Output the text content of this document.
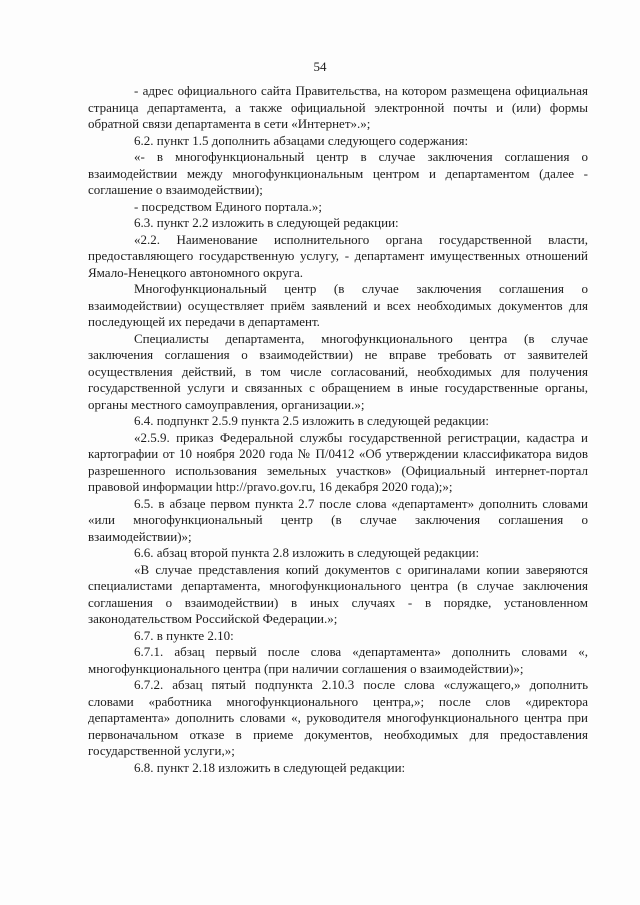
54

- адрес официального сайта Правительства, на котором размещена официальная страница департамента, а также официальной электронной почты и (или) формы обратной связи департамента в сети «Интернет».»;

6.2. пункт 1.5 дополнить абзацами следующего содержания:

«- в многофункциональный центр в случае заключения соглашения о взаимодействии между многофункциональным центром и департаментом (далее - соглашение о взаимодействии);

- посредством Единого портала.»;

6.3. пункт 2.2 изложить в следующей редакции:

«2.2. Наименование исполнительного органа государственной власти, предоставляющего государственную услугу, - департамент имущественных отношений Ямало-Ненецкого автономного округа.

Многофункциональный центр (в случае заключения соглашения о взаимодействии) осуществляет приём заявлений и всех необходимых документов для последующей их передачи в департамент.

Специалисты департамента, многофункционального центра (в случае заключения соглашения о взаимодействии) не вправе требовать от заявителей осуществления действий, в том числе согласований, необходимых для получения государственной услуги и связанных с обращением в иные государственные органы, органы местного самоуправления, организации.»;

6.4. подпункт 2.5.9 пункта 2.5 изложить в следующей редакции:

«2.5.9. приказ Федеральной службы государственной регистрации, кадастра и картографии от 10 ноября 2020 года № П/0412 «Об утверждении классификатора видов разрешенного использования земельных участков» (Официальный интернет-портал правовой информации http://pravo.gov.ru, 16 декабря 2020 года);»;

6.5. в абзаце первом пункта 2.7 после слова «департамент» дополнить словами «или многофункциональный центр (в случае заключения соглашения о взаимодействии)»;

6.6. абзац второй пункта 2.8 изложить в следующей редакции:

«В случае представления копий документов с оригиналами копии заверяются специалистами департамента, многофункционального центра (в случае заключения соглашения о взаимодействии) в иных случаях - в порядке, установленном законодательством Российской Федерации.»;

6.7. в пункте 2.10:

6.7.1. абзац первый после слова «департамента» дополнить словами «, многофункционального центра (при наличии соглашения о взаимодействии)»;

6.7.2. абзац пятый подпункта 2.10.3 после слова «служащего,» дополнить словами «работника многофункционального центра,»; после слов «директора департамента» дополнить словами «, руководителя многофункционального центра при первоначальном отказе в приеме документов, необходимых для предоставления государственной услуги,»;

6.8. пункт 2.18 изложить в следующей редакции:
